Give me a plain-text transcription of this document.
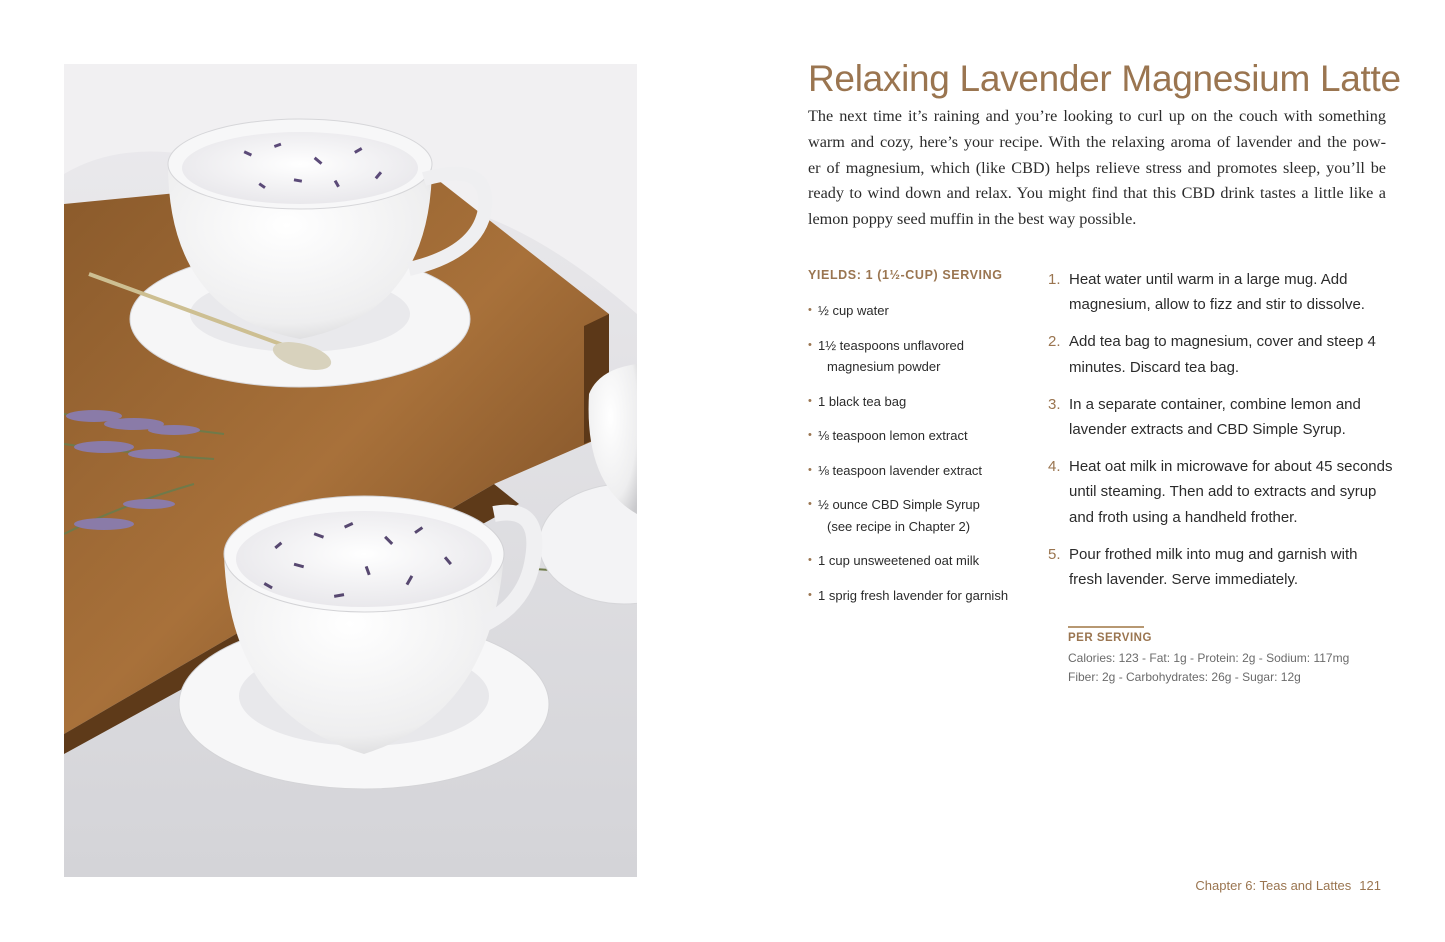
Relaxing Lavender Magnesium Latte
The next time it’s raining and you’re looking to curl up on the couch with something
warm and cozy, here’s your recipe. With the relaxing aroma of lavender and the pow-
er of magnesium, which (like CBD) helps relieve stress and promotes sleep, you’ll be
ready to wind down and relax. You might find that this CBD drink tastes a little like a
lemon poppy seed muffin in the best way possible.
YIELDS: 1 (1½-CUP) SERVING
• ½ cup water
• 1½ teaspoons unflavored
magnesium powder
• 1 black tea bag
• ⅛ teaspoon lemon extract
• ⅛ teaspoon lavender extract
• ½ ounce CBD Simple Syrup
(see recipe in Chapter 2)
• 1 cup unsweetened oat milk
• 1 sprig fresh lavender for garnish
1. Heat water until warm in a large mug. Add
magnesium, allow to fizz and stir to dissolve.
2. Add tea bag to magnesium, cover and steep 4
minutes. Discard tea bag.
3. In a separate container, combine lemon and
lavender extracts and CBD Simple Syrup.
4. Heat oat milk in microwave for about 45 seconds
until steaming. Then add to extracts and syrup
and froth using a handheld frother.
5. Pour frothed milk into mug and garnish with
fresh lavender. Serve immediately.
PER SERVING
Calories: 123 - Fat: 1g - Protein: 2g - Sodium: 117mg
Fiber: 2g - Carbohydrates: 26g - Sugar: 12g
Chapter 6: Teas and Lattes 121
